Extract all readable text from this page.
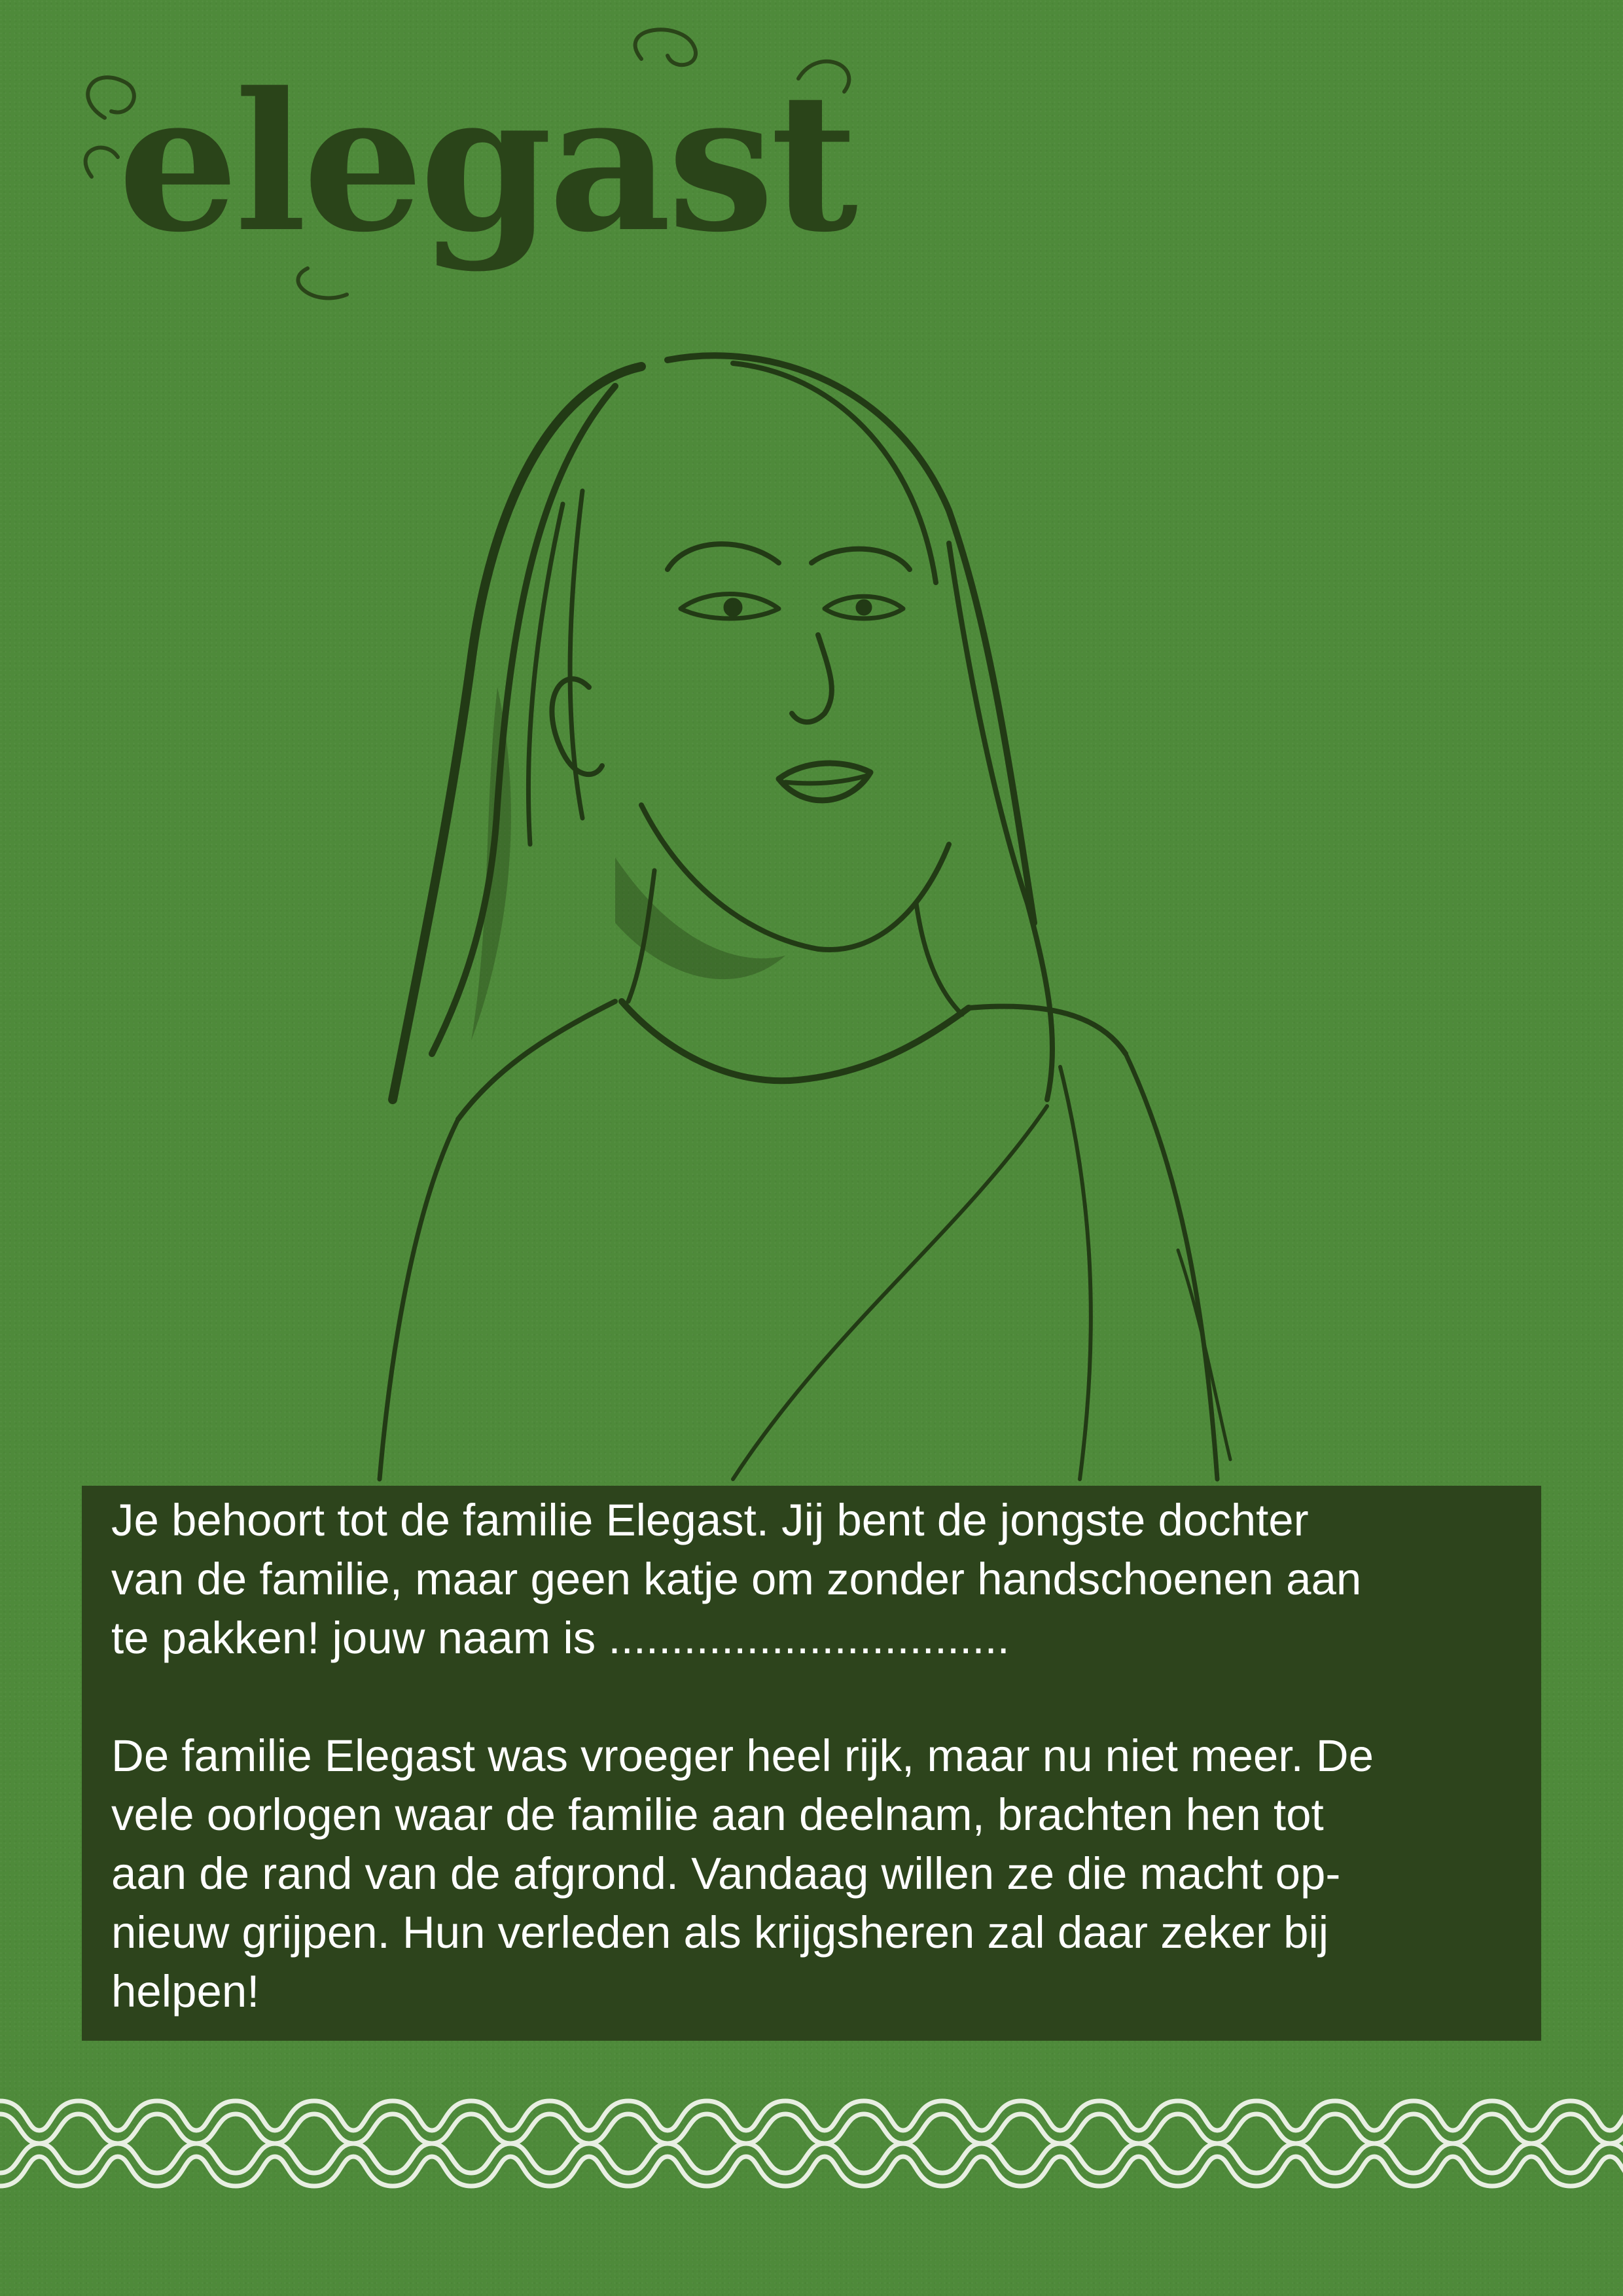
elegast

Je behoort tot de familie Elegast. Jij bent de jongste dochter
van de familie, maar geen katje om zonder handschoenen aan
te pakken! jouw naam is ................................

De familie Elegast was vroeger heel rijk, maar nu niet meer. De
vele oorlogen waar de familie aan deelnam, brachten hen tot
aan de rand van de afgrond. Vandaag willen ze die macht op-
nieuw grijpen. Hun verleden als krijgsheren zal daar zeker bij
helpen!
